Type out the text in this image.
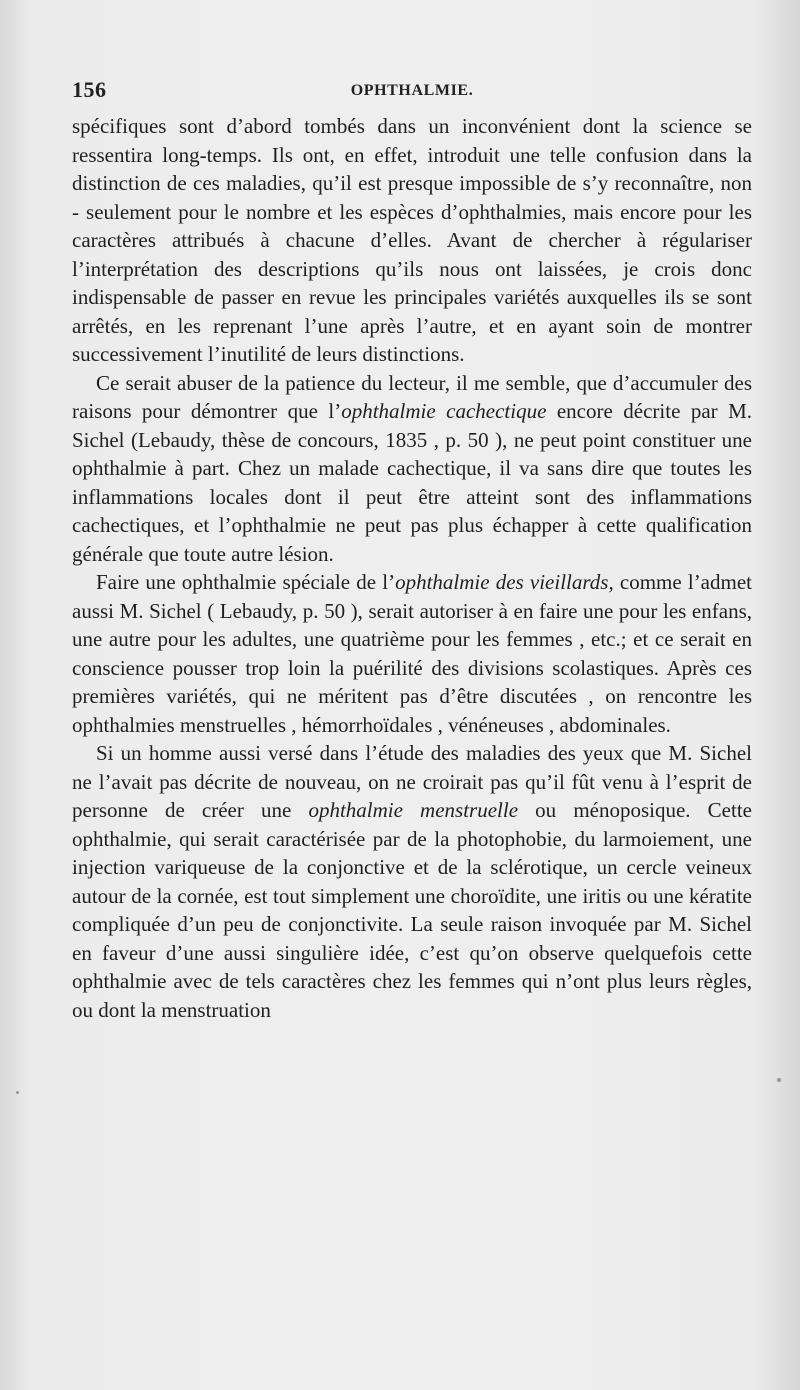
156	OPHTHALMIE.

spécifiques sont d’abord tombés dans un inconvénient dont la science se ressentira long-temps. Ils ont, en effet, introduit une telle confusion dans la distinction de ces maladies, qu’il est presque impossible de s’y reconnaître, non - seulement pour le nombre et les espèces d’ophthalmies, mais encore pour les caractères attribués à chacune d’elles. Avant de chercher à régulariser l’interprétation des descriptions qu’ils nous ont laissées, je crois donc indispensable de passer en revue les principales variétés auxquelles ils se sont arrêtés, en les reprenant l’une après l’autre, et en ayant soin de montrer successivement l’inutilité de leurs distinctions.

Ce serait abuser de la patience du lecteur, il me semble, que d’accumuler des raisons pour démontrer que l’ophthalmie cachectique encore décrite par M. Sichel (Lebaudy, thèse de concours, 1835 , p. 50 ), ne peut point constituer une ophthalmie à part. Chez un malade cachectique, il va sans dire que toutes les inflammations locales dont il peut être atteint sont des inflammations cachectiques, et l’ophthalmie ne peut pas plus échapper à cette qualification générale que toute autre lésion.

Faire une ophthalmie spéciale de l’ophthalmie des vieillards, comme l’admet aussi M. Sichel ( Lebaudy, p. 50 ), serait autoriser à en faire une pour les enfans, une autre pour les adultes, une quatrième pour les femmes , etc.; et ce serait en conscience pousser trop loin la puérilité des divisions scolastiques. Après ces premières variétés, qui ne méritent pas d’être discutées , on rencontre les ophthalmies menstruelles , hémorrhoïdales , vénéneuses , abdominales.

Si un homme aussi versé dans l’étude des maladies des yeux que M. Sichel ne l’avait pas décrite de nouveau, on ne croirait pas qu’il fût venu à l’esprit de personne de créer une ophthalmie menstruelle ou ménoposique. Cette ophthalmie, qui serait caractérisée par de la photophobie, du larmoiement, une injection variqueuse de la conjonctive et de la sclérotique, un cercle veineux autour de la cornée, est tout simplement une choroïdite, une iritis ou une kératite compliquée d’un peu de conjonctivite. La seule raison invoquée par M. Sichel en faveur d’une aussi singulière idée, c’est qu’on observe quelquefois cette ophthalmie avec de tels caractères chez les femmes qui n’ont plus leurs règles, ou dont la menstruation
